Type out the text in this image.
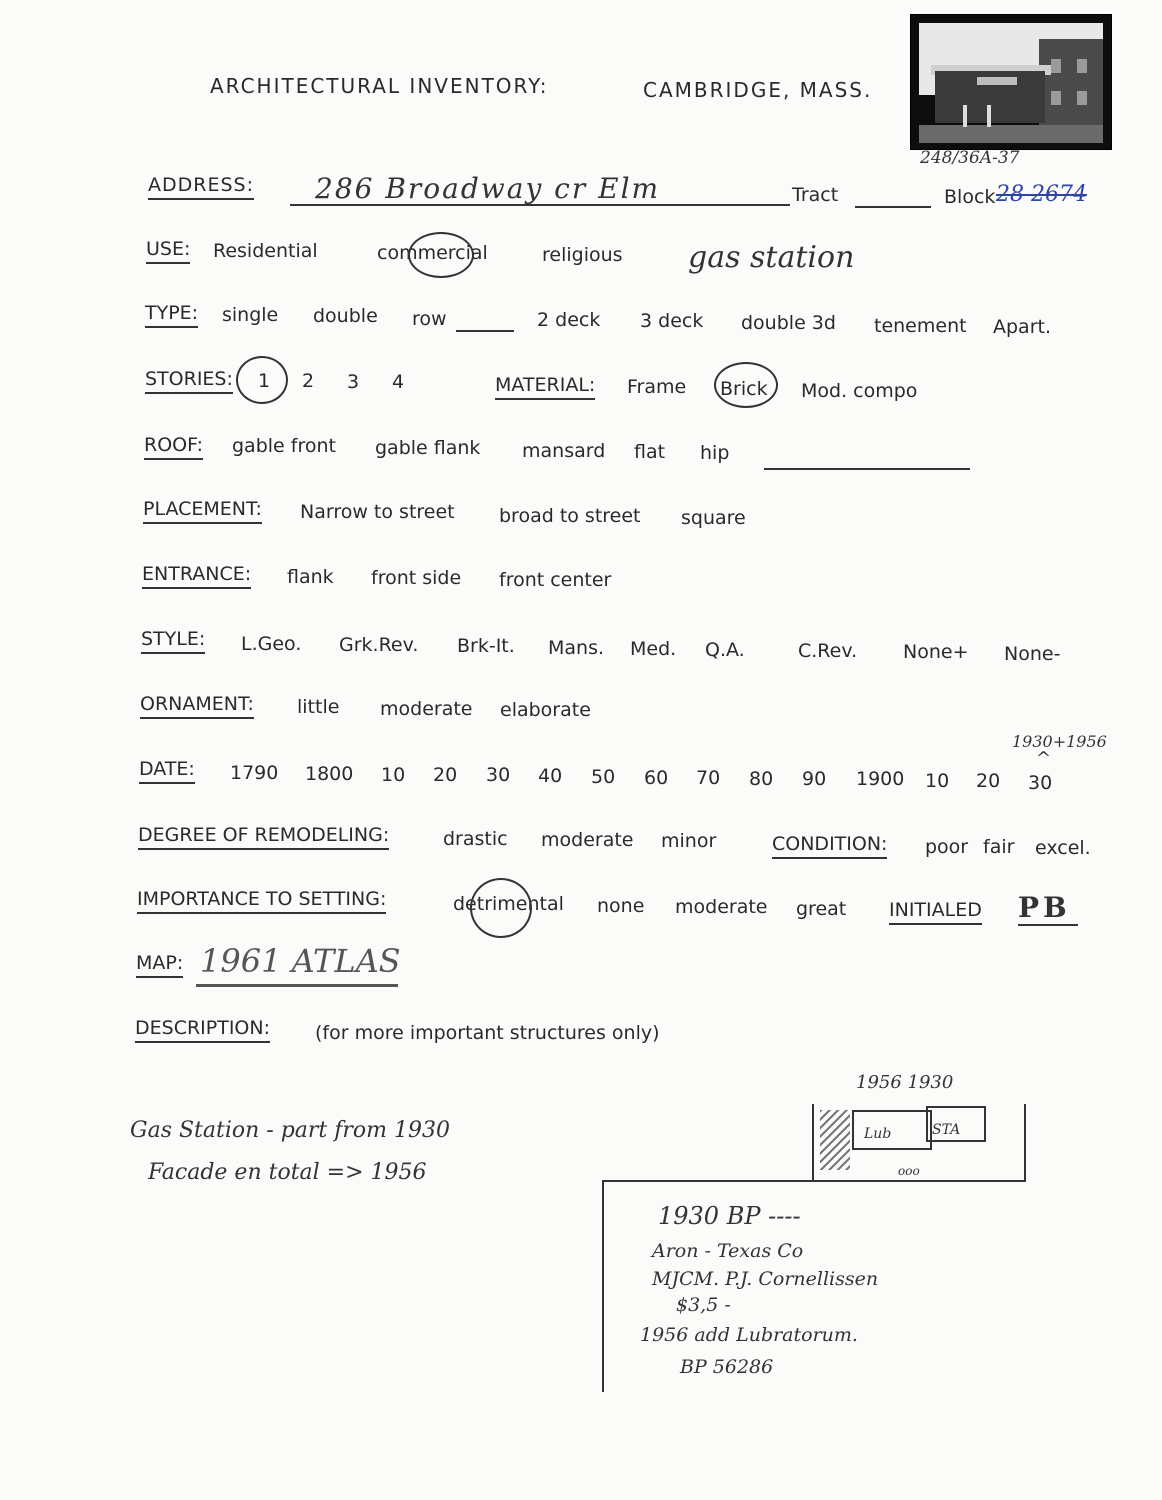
ARCHITECTURAL INVENTORY:	CAMBRIDGE, MASS.
248/36A-37
ADDRESS: 286 Broadway cr Elm	Tract	Block 28 2674
USE: Residential	commercial	religious gas station
TYPE: single double row	2 deck 3 deck double 3d tenement Apart.
STORIES: 1 2 3 4	MATERIAL: Frame Brick Mod. compo
ROOF: gable front gable flank mansard flat hip
PLACEMENT: Narrow to street broad to street square
ENTRANCE: flank front side front center
STYLE: L.Geo. Grk.Rev. Brk-It. Mans. Med. Q.A.	C.Rev. None+ None-
ORNAMENT: little moderate elaborate
DATE: 1790 1800 10 20 30 40 50 60 70 80 90 1900 10 20 30
1930+1956
^
DEGREE OF REMODELING:	drastic moderate minor	CONDITION: poor fair excel.
IMPORTANCE TO SETTING:	detrimental none moderate great INITIALED PB
MAP: 1961 ATLAS
DESCRIPTION: (for more important structures only)
Gas Station - part from 1930
Facade en total => 1956
1956 1930
Lub	STA
ooo
1930 BP ----
Aron - Texas Co
MJCM. P.J. Cornellissen
$3,5 -
1956 add Lubratorum.
BP 56286
